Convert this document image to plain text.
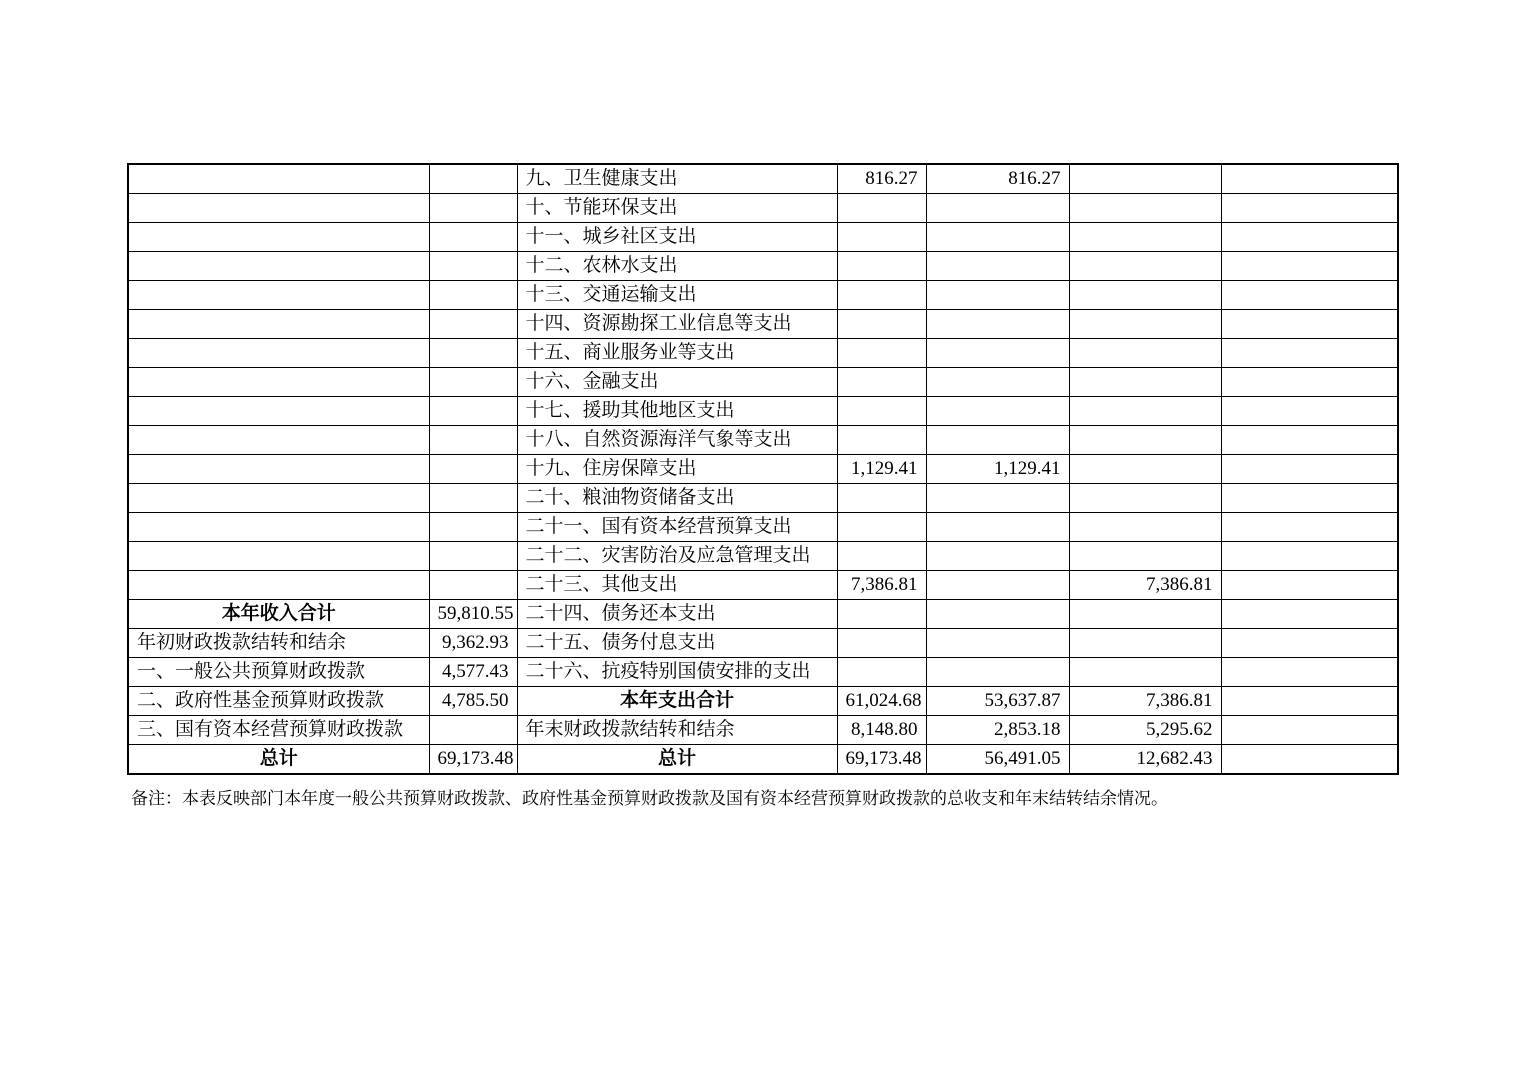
		九、卫生健康支出	816.27	816.27		
		十、节能环保支出				
		十一、城乡社区支出				
		十二、农林水支出				
		十三、交通运输支出				
		十四、资源勘探工业信息等支出				
		十五、商业服务业等支出				
		十六、金融支出				
		十七、援助其他地区支出				
		十八、自然资源海洋气象等支出				
		十九、住房保障支出	1,129.41	1,129.41		
		二十、粮油物资储备支出				
		二十一、国有资本经营预算支出				
		二十二、灾害防治及应急管理支出				
		二十三、其他支出	7,386.81		7,386.81	
本年收入合计	59,810.55	二十四、债务还本支出				
年初财政拨款结转和结余	9,362.93	二十五、债务付息支出				
一、一般公共预算财政拨款	4,577.43	二十六、抗疫特别国债安排的支出				
二、政府性基金预算财政拨款	4,785.50	本年支出合计	61,024.68	53,637.87	7,386.81	
三、国有资本经营预算财政拨款		年末财政拨款结转和结余	8,148.80	2,853.18	5,295.62	
总计	69,173.48	总计	69,173.48	56,491.05	12,682.43	
备注：本表反映部门本年度一般公共预算财政拨款、政府性基金预算财政拨款及国有资本经营预算财政拨款的总收支和年末结转结余情况。
